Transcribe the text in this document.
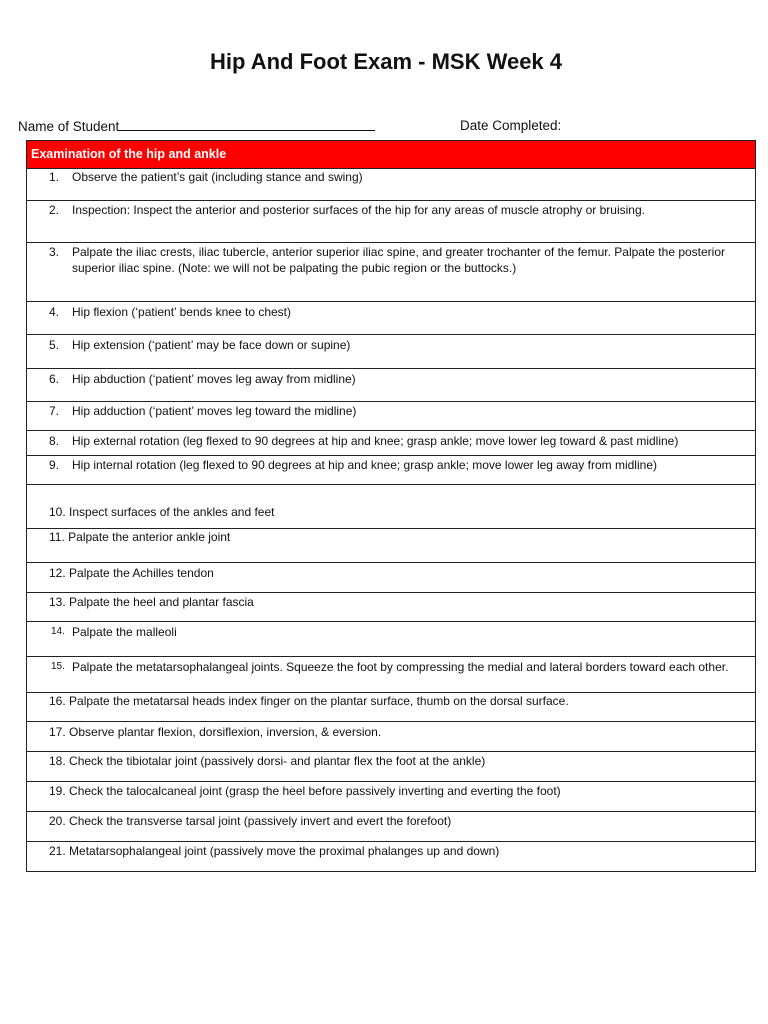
Hip And Foot Exam - MSK Week 4
Name of Student	Date Completed:
Examination of the hip and ankle
1.	Observe the patient’s gait (including stance and swing)
2.	Inspection: Inspect the anterior and posterior surfaces of the hip for any areas of muscle atrophy or bruising.
3.	Palpate the iliac crests, iliac tubercle, anterior superior iliac spine, and greater trochanter of the femur. Palpate the posterior superior iliac spine. (Note: we will not be palpating the pubic region or the buttocks.)
4.	Hip flexion (‘patient’ bends knee to chest)
5.	Hip extension (‘patient’ may be face down or supine)
6.	Hip abduction (‘patient’ moves leg away from midline)
7.	Hip adduction (‘patient’ moves leg toward the midline)
8.	Hip external rotation (leg flexed to 90 degrees at hip and knee; grasp ankle; move lower leg toward & past midline)
9.	Hip internal rotation (leg flexed to 90 degrees at hip and knee; grasp ankle; move lower leg away from midline)
10. Inspect surfaces of the ankles and feet
11. Palpate the anterior ankle joint
12. Palpate the Achilles tendon
13. Palpate the heel and plantar fascia
14. Palpate the malleoli
15. Palpate the metatarsophalangeal joints. Squeeze the foot by compressing the medial and lateral borders toward each other.
16. Palpate the metatarsal heads index finger on the plantar surface, thumb on the dorsal surface.
17. Observe plantar flexion, dorsiflexion, inversion, & eversion.
18. Check the tibiotalar joint (passively dorsi- and plantar flex the foot at the ankle)
19. Check the talocalcaneal joint (grasp the heel before passively inverting and everting the foot)
20. Check the transverse tarsal joint (passively invert and evert the forefoot)
21. Metatarsophalangeal joint (passively move the proximal phalanges up and down)
